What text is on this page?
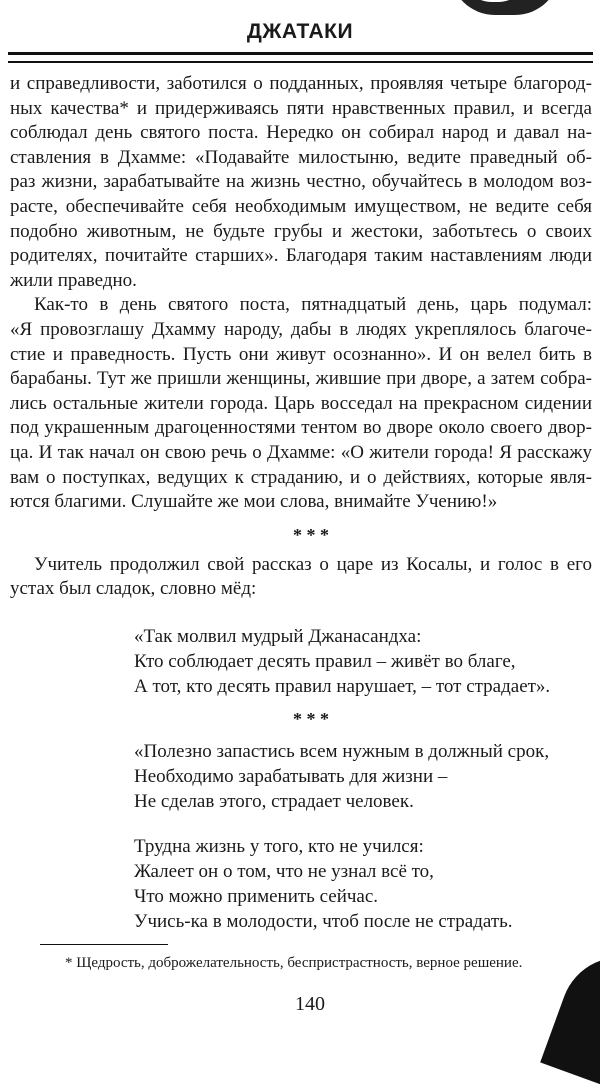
ДЖАТАКИ
и справедливости, заботился о подданных, проявляя четыре благород-
ных качества* и придерживаясь пяти нравственных правил, и всегда
соблюдал день святого поста. Нередко он собирал народ и давал на-
ставления в Дхамме: «Подавайте милостыню, ведите праведный об-
раз жизни, зарабатывайте на жизнь честно, обучайтесь в молодом воз-
расте, обеспечивайте себя необходимым имуществом, не ведите себя
подобно животным, не будьте грубы и жестоки, заботьтесь о своих
родителях, почитайте старших». Благодаря таким наставлениям люди
жили праведно.
Как-то в день святого поста, пятнадцатый день, царь подумал:
«Я провозглашу Дхамму народу, дабы в людях укреплялось благоче-
стие и праведность. Пусть они живут осознанно». И он велел бить в
барабаны. Тут же пришли женщины, жившие при дворе, а затем собра-
лись остальные жители города. Царь восседал на прекрасном сидении
под украшенным драгоценностями тентом во дворе около своего двор-
ца. И так начал он свою речь о Дхамме: «О жители города! Я расскажу
вам о поступках, ведущих к страданию, и о действиях, которые явля-
ются благими. Слушайте же мои слова, внимайте Учению!»
* * *
Учитель продолжил свой рассказ о царе из Косалы, и голос в его
устах был сладок, словно мёд:
«Так молвил мудрый Джанасандха:
Кто соблюдает десять правил – живёт во благе,
А тот, кто десять правил нарушает, – тот страдает».
* * *
«Полезно запастись всем нужным в должный срок,
Необходимо зарабатывать для жизни –
Не сделав этого, страдает человек.
Трудна жизнь у того, кто не учился:
Жалеет он о том, что не узнал всё то,
Что можно применить сейчас.
Учись-ка в молодости, чтоб после не страдать.
* Щедрость, доброжелательность, беспристрастность, верное решение.
140
